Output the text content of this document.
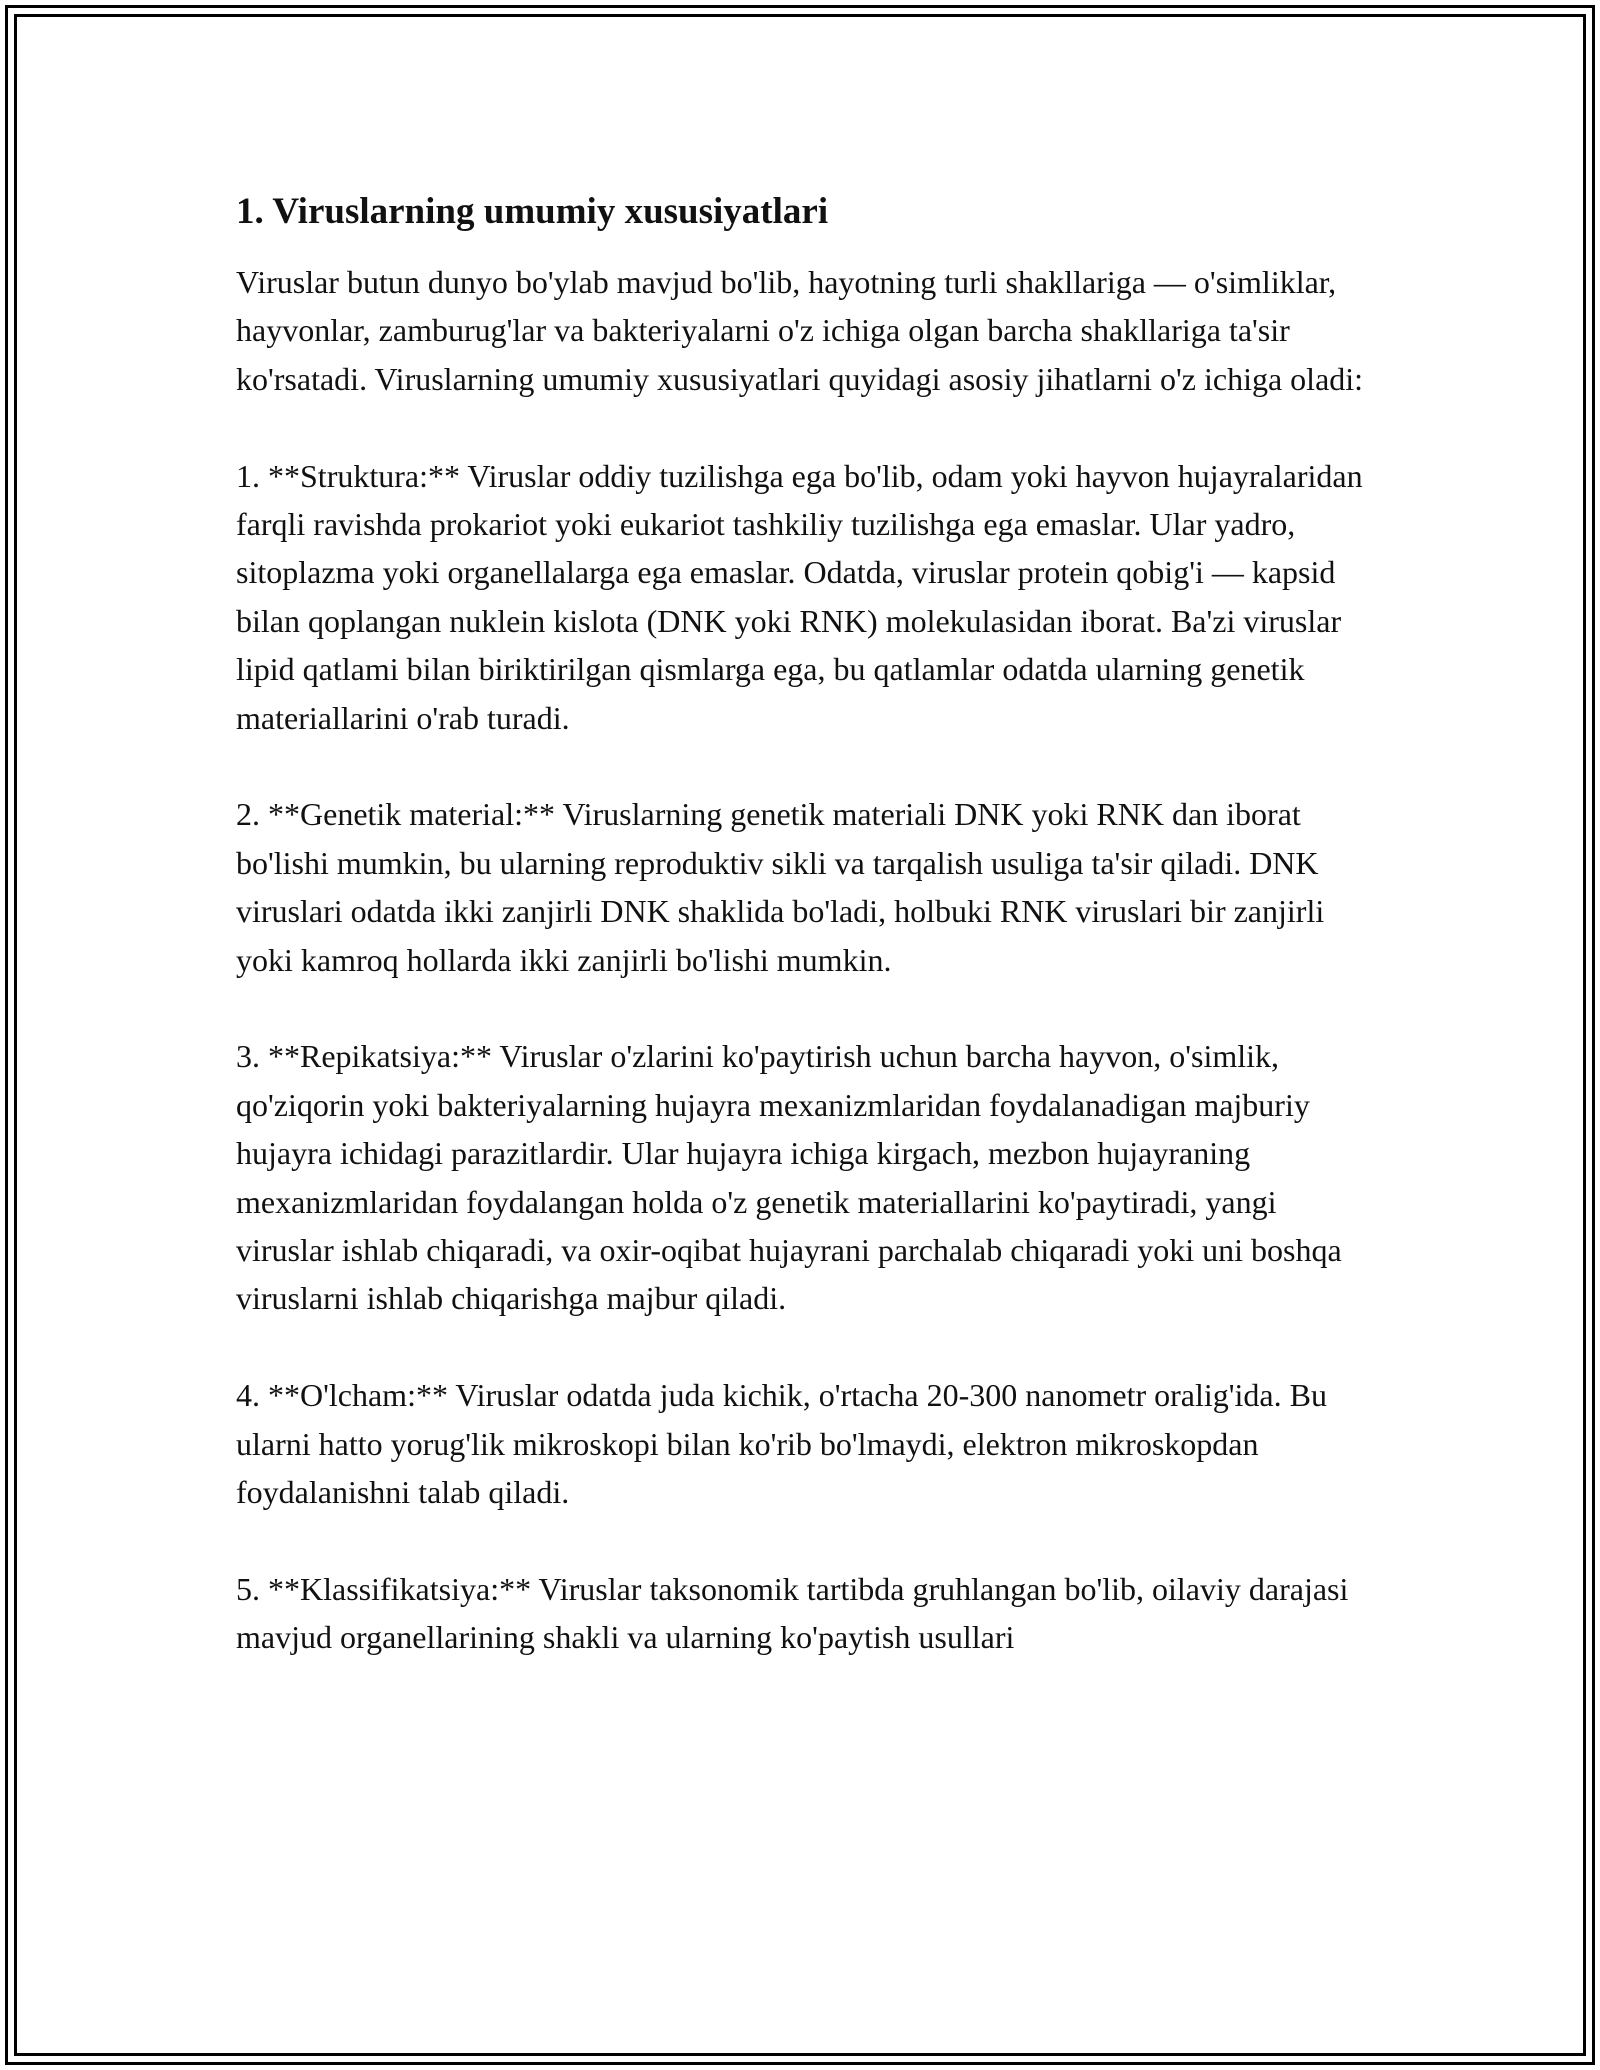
1. Viruslarning umumiy xususiyatlari

Viruslar butun dunyo bo'ylab mavjud bo'lib, hayotning turli shakllariga — o'simliklar, hayvonlar, zamburug'lar va bakteriyalarni o'z ichiga olgan barcha shakllariga ta'sir ko'rsatadi. Viruslarning umumiy xususiyatlari quyidagi asosiy jihatlarni o'z ichiga oladi:

1. **Struktura:** Viruslar oddiy tuzilishga ega bo'lib, odam yoki hayvon hujayralaridan farqli ravishda prokariot yoki eukariot tashkiliy tuzilishga ega emaslar. Ular yadro, sitoplazma yoki organellalarga ega emaslar. Odatda, viruslar protein qobig'i — kapsid bilan qoplangan nuklein kislota (DNK yoki RNK) molekulasidan iborat. Ba'zi viruslar lipid qatlami bilan biriktirilgan qismlarga ega, bu qatlamlar odatda ularning genetik materiallarini o'rab turadi.

2. **Genetik material:** Viruslarning genetik materiali DNK yoki RNK dan iborat bo'lishi mumkin, bu ularning reproduktiv sikli va tarqalish usuliga ta'sir qiladi. DNK viruslari odatda ikki zanjirli DNK shaklida bo'ladi, holbuki RNK viruslari bir zanjirli yoki kamroq hollarda ikki zanjirli bo'lishi mumkin.

3. **Repikatsiya:** Viruslar o'zlarini ko'paytirish uchun barcha hayvon, o'simlik, qo'ziqorin yoki bakteriyalarning hujayra mexanizmlaridan foydalanadigan majburiy hujayra ichidagi parazitlardir. Ular hujayra ichiga kirgach, mezbon hujayraning mexanizmlaridan foydalangan holda o'z genetik materiallarini ko'paytiradi, yangi viruslar ishlab chiqaradi, va oxir-oqibat hujayrani parchalab chiqaradi yoki uni boshqa viruslarni ishlab chiqarishga majbur qiladi.

4. **O'lcham:** Viruslar odatda juda kichik, o'rtacha 20-300 nanometr oralig'ida. Bu ularni hatto yorug'lik mikroskopi bilan ko'rib bo'lmaydi, elektron mikroskopdan foydalanishni talab qiladi.

5. **Klassifikatsiya:** Viruslar taksonomik tartibda gruhlangan bo'lib, oilaviy darajasi mavjud organellarining shakli va ularning ko'paytish usullari
